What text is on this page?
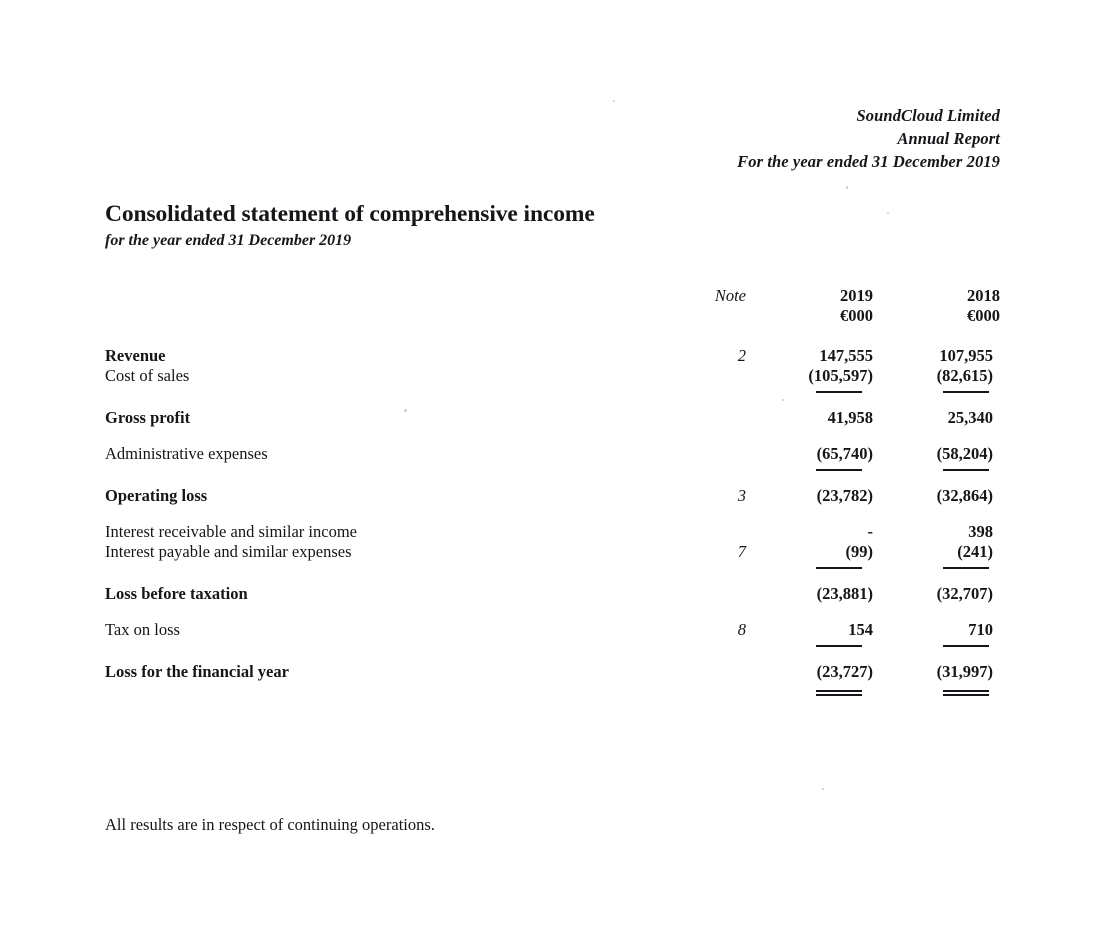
SoundCloud Limited
Annual Report
For the year ended 31 December 2019
Consolidated statement of comprehensive income
for the year ended 31 December 2019
	Note	2019	2018
		€000	€000
Revenue	2	147,555	107,955
Cost of sales		(105,597)	(82,615)

Gross profit		41,958	25,340
Administrative expenses		(65,740)	(58,204)

Operating loss	3	(23,782)	(32,864)
Interest receivable and similar income		-	398
Interest payable and similar expenses	7	(99)	(241)

Loss before taxation		(23,881)	(32,707)
Tax on loss	8	154	710

Loss for the financial year		(23,727)	(31,997)

All results are in respect of continuing operations.
